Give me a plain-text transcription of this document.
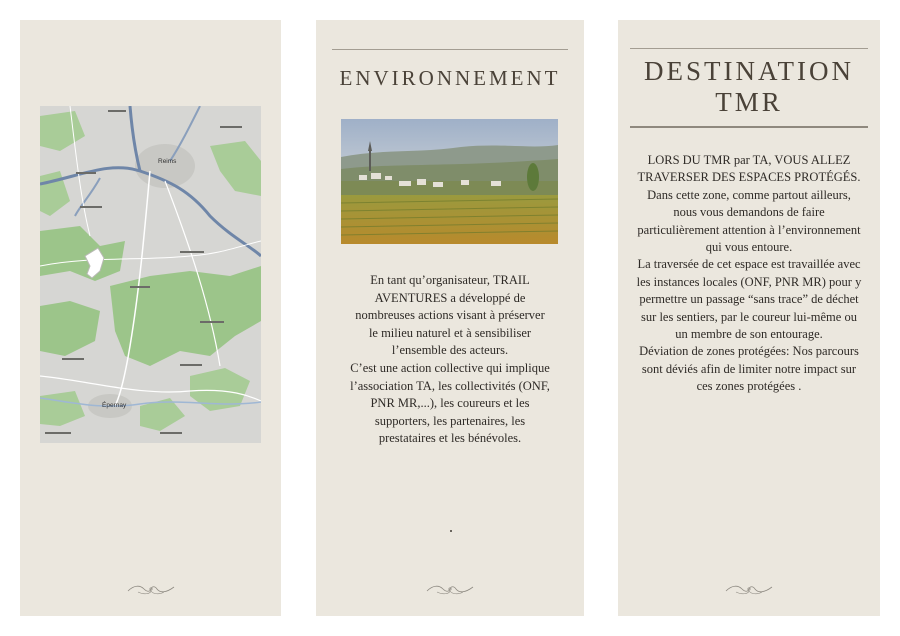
Reims
Épernay
ENVIRONNEMENT

En tant qu’organisateur, TRAIL AVENTURES a développé de nombreuses actions visant à préserver le milieu naturel et à sensibiliser l’ensemble des acteurs.

C’est une action collective qui implique l’association TA, les collectivités (ONF, PNR MR,...), les coureurs et les supporters, les partenaires, les prestataires et les bénévoles.

DESTINATION
TMR

LORS DU TMR par TA, VOUS ALLEZ TRAVERSER DES ESPACES PROTÉGÉS.

Dans cette zone, comme partout ailleurs, nous vous demandons de faire particulièrement attention à l’environnement qui vous entoure.

La traversée de cet espace est travaillée avec les instances locales (ONF, PNR MR) pour y permettre un passage “sans trace” de déchet sur les sentiers, par le coureur lui-même ou un membre de son entourage.

Déviation de zones protégées: Nos parcours sont déviés afin de limiter notre impact sur ces zones protégées .
